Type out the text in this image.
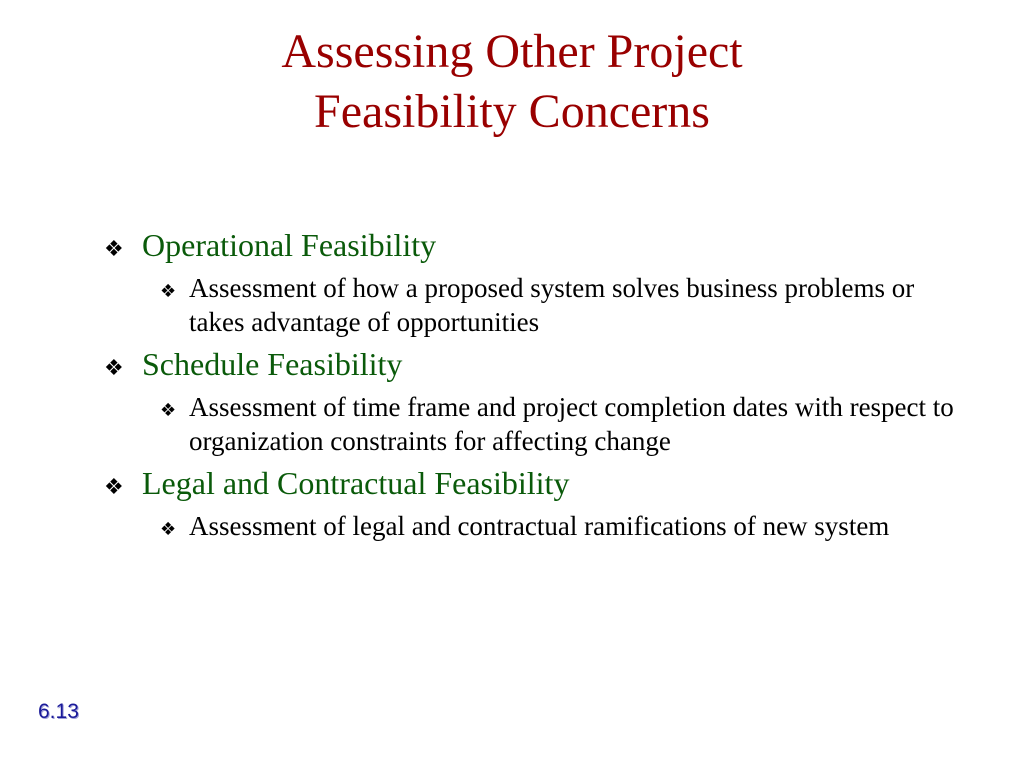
Assessing Other Project
Feasibility Concerns
❖ Operational Feasibility
❖ Assessment of how a proposed system solves business problems or takes advantage of opportunities
❖ Schedule Feasibility
❖ Assessment of time frame and project completion dates with respect to organization constraints for affecting change
❖ Legal and Contractual Feasibility
❖ Assessment of legal and contractual ramifications of new system
6.13
